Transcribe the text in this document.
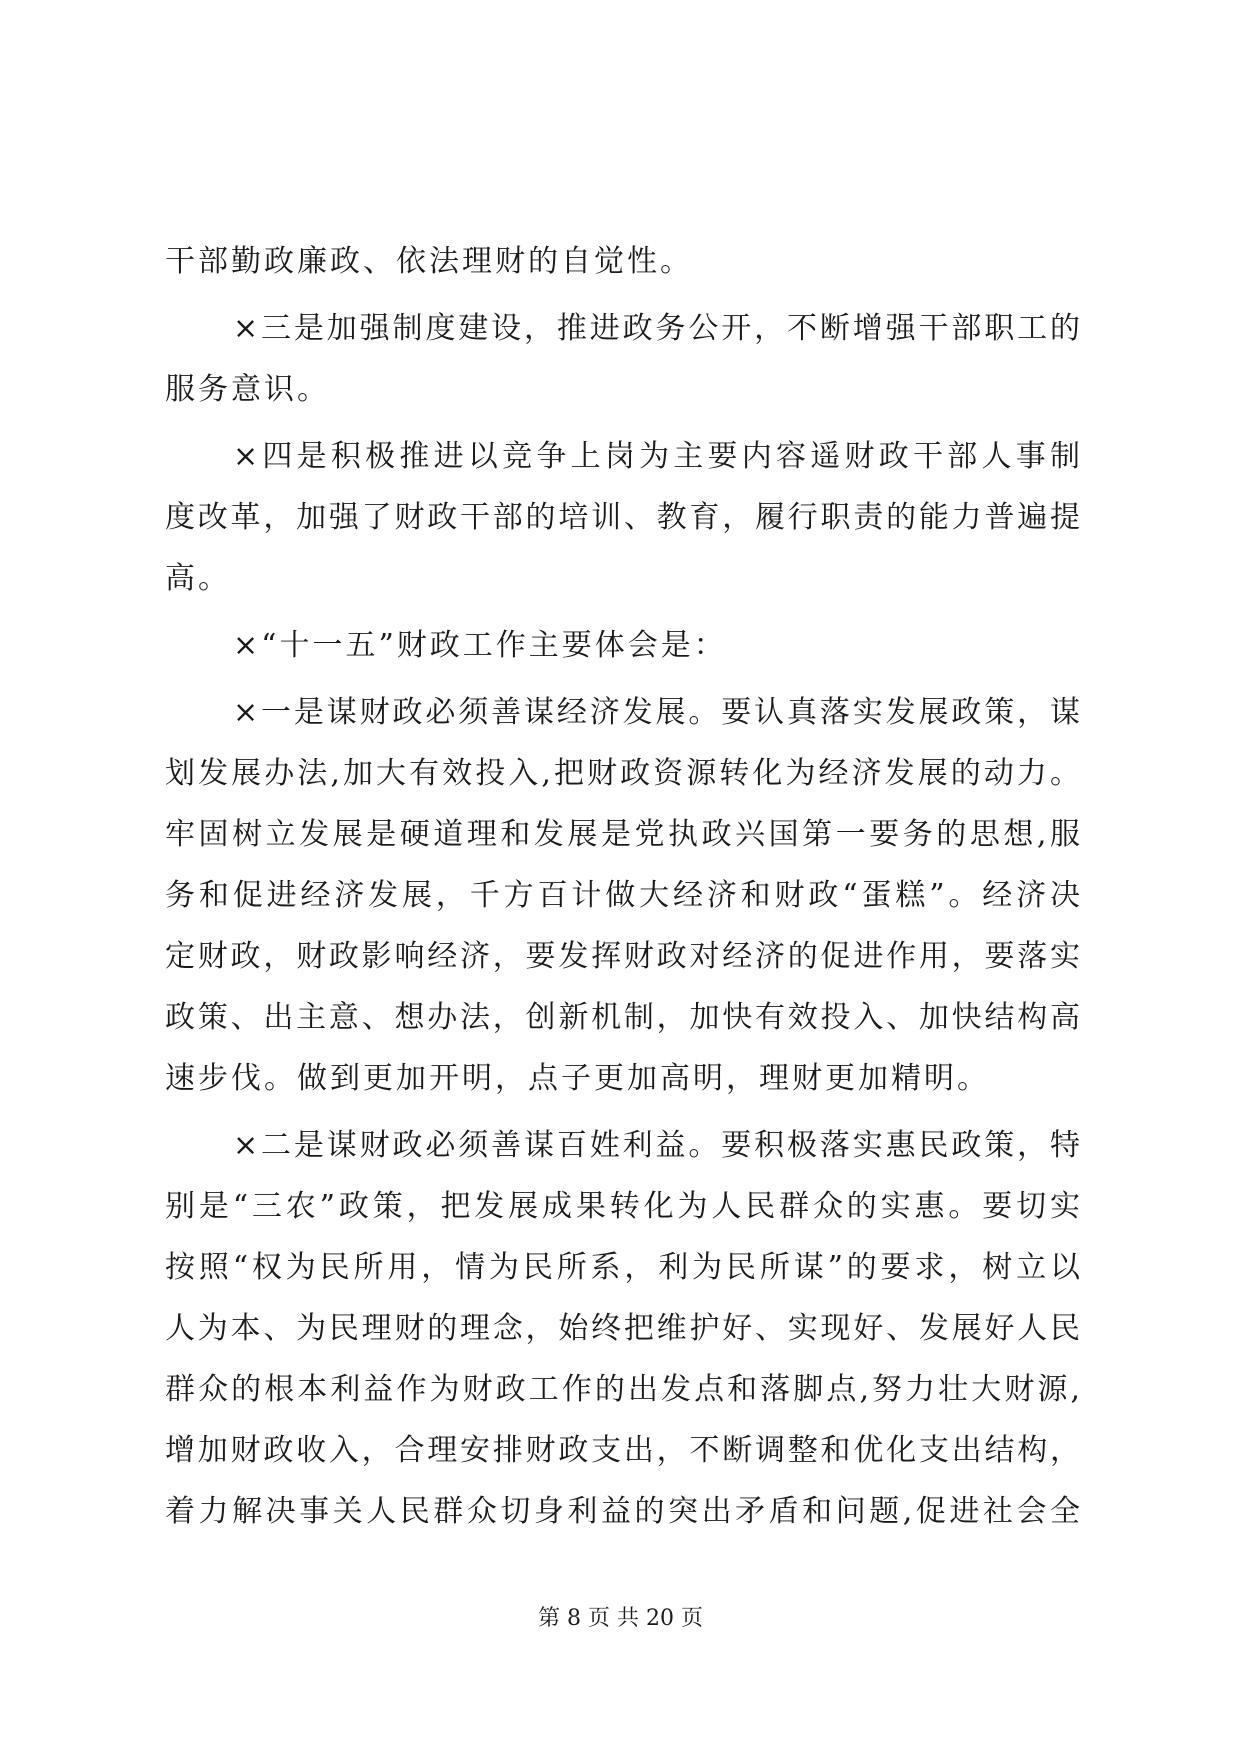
干部勤政廉政、依法理财的自觉性。
×三是加强制度建设，推进政务公开，不断增强干部职工的
服务意识。
×四是积极推进以竞争上岗为主要内容遥财政干部人事制
度改革，加强了财政干部的培训、教育，履行职责的能力普遍提
高。
×“十一五”财政工作主要体会是：
×一是谋财政必须善谋经济发展。要认真落实发展政策，谋
划发展办法,加大有效投入,把财政资源转化为经济发展的动力。
牢固树立发展是硬道理和发展是党执政兴国第一要务的思想,服
务和促进经济发展，千方百计做大经济和财政“蛋糕”。经济决
定财政，财政影响经济，要发挥财政对经济的促进作用，要落实
政策、出主意、想办法，创新机制，加快有效投入、加快结构高
速步伐。做到更加开明，点子更加高明，理财更加精明。
×二是谋财政必须善谋百姓利益。要积极落实惠民政策，特
别是“三农”政策，把发展成果转化为人民群众的实惠。要切实
按照“权为民所用，情为民所系，利为民所谋”的要求，树立以
人为本、为民理财的理念，始终把维护好、实现好、发展好人民
群众的根本利益作为财政工作的出发点和落脚点,努力壮大财源,
增加财政收入，合理安排财政支出，不断调整和优化支出结构，
着力解决事关人民群众切身利益的突出矛盾和问题,促进社会全
第 8 页 共 20 页
